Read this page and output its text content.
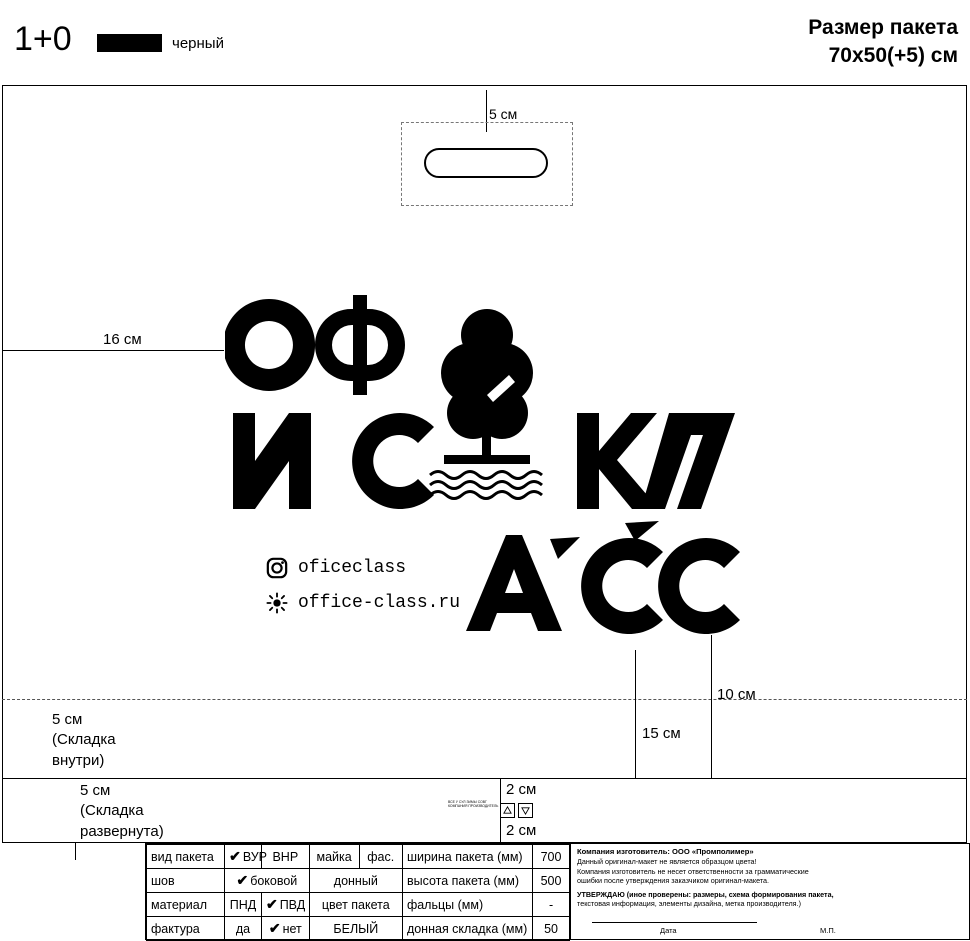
1+0	черный
Размер пакета
70x50(+5) см
5 см
16 см
oficeclass
office-class.ru
10 см
15 см
2 см
2 см
5 см
(Складка
внутри)
5 см
(Складка
развернута)
ВСЕ У СУЛ ЗИМЫ СОВГ
КОМПАНИЯ ПРОИЗВОДИТЕЛЬ
вид пакета	✔ ВУР	ВНР	майка	фас.	ширина пакета (мм)	700
шов	✔ боковой		донный		высота пакета (мм)	500
материал	ПНД	✔ ПВД	цвет пакета		фальцы (мм)	-
фактура	да	✔ нет	БЕЛЫЙ		донная складка (мм)	50
Компания изготовитель: ООО «Промполимер»
Данный оригинал-макет не является образцом цвета!
Компания изготовитель не несет ответственности за грамматические
ошибки после утверждения заказчиком оригинал-макета.
УТВЕРЖДАЮ (иное проверены: размеры, схема формирования пакета,
текстовая информация, элементы дизайна, метка производителя.)
Дата	М.П.
